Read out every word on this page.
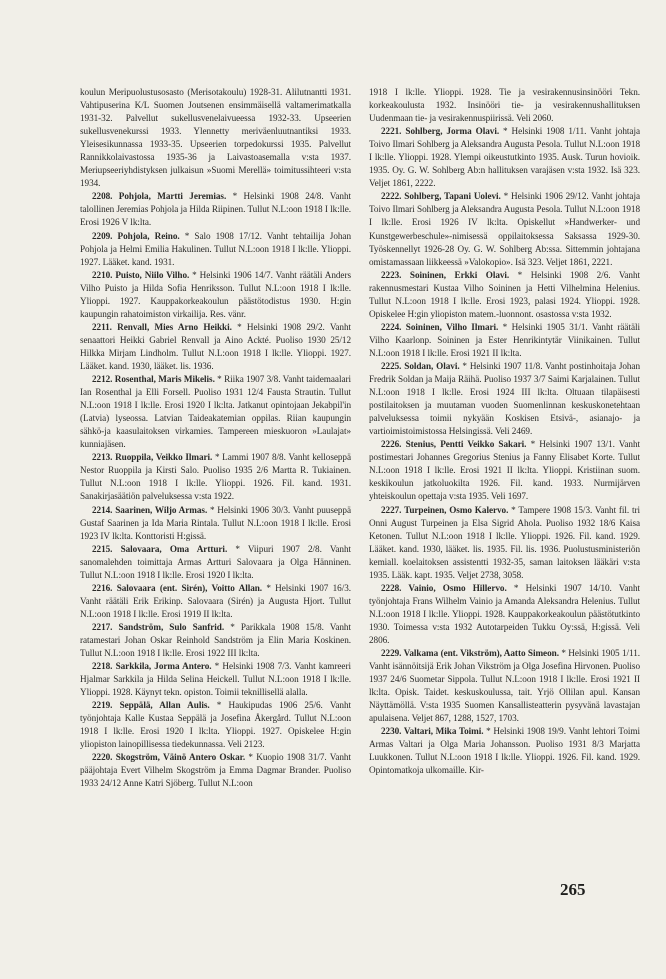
koulun Meripuolustusosasto (Merisotakoulu) 1928-31. Alilutnantti 1931. Vahtipuserina K/L Suomen Joutsenen ensimmäisellä valtamerimatkalla 1931-32. Palvellut sukellusvenelaivueessa 1932-33. Upseerien sukellusvenekurssi 1933. Ylennetty meriväenluutnantiksi 1933. Yleisesikunnassa 1933-35. Upseerien torpedokurssi 1935. Palvellut Rannikkolaivastossa 1935-36 ja Laivastoasemalla v:sta 1937. Meriupseeriyhdistyksen julkaisun »Suomi Merellä» toimitussihteeri v:sta 1934.

2208. Pohjola, Martti Jeremias. * Helsinki 1908 24/8. Vanht talollinen Jeremias Pohjola ja Hilda Riipinen. Tullut N.L:oon 1918 I lk:lle. Erosi 1926 V lk:lta.

2209. Pohjola, Reino. * Salo 1908 17/12. Vanht tehtailija Johan Pohjola ja Helmi Emilia Hakulinen. Tullut N.L:oon 1918 I lk:lle. Ylioppi. 1927. Lääket. kand. 1931.

2210. Puisto, Niilo Vilho. * Helsinki 1906 14/7. Vanht räätäli Anders Vilho Puisto ja Hilda Sofia Henriksson. Tullut N.L:oon 1918 I lk:lle. Ylioppi. 1927. Kauppakorkeakoulun päästötodistus 1930. H:gin kaupungin rahatoimiston virkailija. Res. vänr.

2211. Renvall, Mies Arno Heikki. * Helsinki 1908 29/2. Vanht senaattori Heikki Gabriel Renvall ja Aino Ackté. Puoliso 1930 25/12 Hilkka Mirjam Lindholm. Tullut N.L:oon 1918 I lk:lle. Ylioppi. 1927. Lääket. kand. 1930, lääket. lis. 1936.

2212. Rosenthal, Maris Mikelis. * Riika 1907 3/8. Vanht taidemaalari Ian Rosenthal ja Elli Forsell. Puoliso 1931 12/4 Fausta Strautin. Tullut N.L:oon 1918 I lk:lle. Erosi 1920 I lk:lta. Jatkanut opintojaan Jekabpil'in (Latvia) lyseossa. Latvian Taideakatemian oppilas. Riian kaupungin sähkö-ja kaasulaitoksen virkamies. Tampereen mieskuoron »Laulajat» kunniajäsen.

2213. Ruoppila, Veikko Ilmari. * Lammi 1907 8/8. Vanht kelloseppä Nestor Ruoppila ja Kirsti Salo. Puoliso 1935 2/6 Martta R. Tukiainen. Tullut N.L:oon 1918 I lk:lle. Ylioppi. 1926. Fil. kand. 1931. Sanakirjasäätiön palveluksessa v:sta 1922.

2214. Saarinen, Wiljo Armas. * Helsinki 1906 30/3. Vanht puuseppä Gustaf Saarinen ja Ida Maria Rintala. Tullut N.L:oon 1918 I lk:lle. Erosi 1923 IV lk:lta. Konttoristi H:gissä.

2215. Salovaara, Oma Artturi. * Viipuri 1907 2/8. Vanht sanomalehden toimittaja Armas Artturi Salovaara ja Olga Hänninen. Tullut N.L:oon 1918 I lk:lle. Erosi 1920 I lk:lta.

2216. Salovaara (ent. Sirén), Voitto Allan. * Helsinki 1907 16/3. Vanht räätäli Erik Erikinp. Salovaara (Sirén) ja Augusta Hjort. Tullut N.L:oon 1918 I lk:lle. Erosi 1919 II lk:lta.

2217. Sandström, Sulo Sanfrid. * Parikkala 1908 15/8. Vanht ratamestari Johan Oskar Reinhold Sandström ja Elin Maria Koskinen. Tullut N.L:oon 1918 I lk:lle. Erosi 1922 III lk:lta.

2218. Sarkkila, Jorma Antero. * Helsinki 1908 7/3. Vanht kamreeri Hjalmar Sarkkila ja Hilda Selina Heickell. Tullut N.L:oon 1918 I lk:lle. Ylioppi. 1928. Käynyt tekn. opiston. Toimii teknillisellä alalla.

2219. Seppälä, Allan Aulis. * Haukipudas 1906 25/6. Vanht työnjohtaja Kalle Kustaa Seppälä ja Josefina Åkergård. Tullut N.L:oon 1918 I lk:lle. Erosi 1920 I lk:lta. Ylioppi. 1927. Opiskelee H:gin yliopiston lainopillisessa tiedekunnassa. Veli 2123.

2220. Skogström, Väinö Antero Oskar. * Kuopio 1908 31/7. Vanht pääjohtaja Evert Vilhelm Skogström ja Emma Dagmar Brander. Puoliso 1933 24/12 Anne Katri Sjöberg. Tullut N.L:oon

1918 I lk:lle. Ylioppi. 1928. Tie ja vesirakennusinsinööri Tekn. korkeakoulusta 1932. Insinööri tie- ja vesirakennushallituksen Uudenmaan tie- ja vesirakennuspiirissä. Veli 2060.

2221. Sohlberg, Jorma Olavi. * Helsinki 1908 1/11. Vanht johtaja Toivo Ilmari Sohlberg ja Aleksandra Augusta Pesola. Tullut N.L:oon 1918 I lk:lle. Ylioppi. 1928. Ylempi oikeustutkinto 1935. Ausk. Turun hovioik. 1935. Oy. G. W. Sohlberg Ab:n hallituksen varajäsen v:sta 1932. Isä 323. Veljet 1861, 2222.

2222. Sohlberg, Tapani Uolevi. * Helsinki 1906 29/12. Vanht johtaja Toivo Ilmari Sohlberg ja Aleksandra Augusta Pesola. Tullut N.L:oon 1918 I lk:lle. Erosi 1926 IV lk:lta. Opiskellut »Handwerker- und Kunstgewerbeschule»-nimisessä oppilaitoksessa Saksassa 1929-30. Työskennellyt 1926-28 Oy. G. W. Sohlberg Ab:ssa. Sittemmin johtajana omistamassaan liikkeessä »Valokopio». Isä 323. Veljet 1861, 2221.

2223. Soininen, Erkki Olavi. * Helsinki 1908 2/6. Vanht rakennusmestari Kustaa Vilho Soininen ja Hetti Vilhelmina Helenius. Tullut N.L:oon 1918 I lk:lle. Erosi 1923, palasi 1924. Ylioppi. 1928. Opiskelee H:gin yliopiston matem.-luonnont. osastossa v:sta 1932.

2224. Soininen, Vilho Ilmari. * Helsinki 1905 31/1. Vanht räätäli Vilho Kaarlonp. Soininen ja Ester Henrikintytär Viinikainen. Tullut N.L:oon 1918 I lk:lle. Erosi 1921 II lk:lta.

2225. Soldan, Olavi. * Helsinki 1907 11/8. Vanht postinhoitaja Johan Fredrik Soldan ja Maija Räihä. Puoliso 1937 3/7 Saimi Karjalainen. Tullut N.L:oon 1918 I lk:lle. Erosi 1924 III lk:lta. Oltuaan tilapäisesti postilaitoksen ja muutaman vuoden Suomenlinnan keskuskonetehtaan palveluksessa toimii nykyään Koskisen Etsivä-, asianajo- ja vartioimistoimistossa Helsingissä. Veli 2469.

2226. Stenius, Pentti Veikko Sakari. * Helsinki 1907 13/1. Vanht postimestari Johannes Gregorius Stenius ja Fanny Elisabet Korte. Tullut N.L:oon 1918 I lk:lle. Erosi 1921 II lk:lta. Ylioppi. Kristiinan suom. keskikoulun jatkoluokilta 1926. Fil. kand. 1933. Nurmijärven yhteiskoulun opettaja v:sta 1935. Veli 1697.

2227. Turpeinen, Osmo Kalervo. * Tampere 1908 15/3. Vanht fil. tri Onni August Turpeinen ja Elsa Sigrid Ahola. Puoliso 1932 18/6 Kaisa Ketonen. Tullut N.L:oon 1918 I lk:lle. Ylioppi. 1926. Fil. kand. 1929. Lääket. kand. 1930, lääket. lis. 1935. Fil. lis. 1936. Puolustusministeriön kemiall. koelaitoksen assistentti 1932-35, saman laitoksen lääkäri v:sta 1935. Lääk. kapt. 1935. Veljet 2738, 3058.

2228. Vainio, Osmo Hillervo. * Helsinki 1907 14/10. Vanht työnjohtaja Frans Wilhelm Vainio ja Amanda Aleksandra Helenius. Tullut N.L:oon 1918 I lk:lle. Ylioppi. 1928. Kauppakorkeakoulun päästötutkinto 1930. Toimessa v:sta 1932 Autotarpeiden Tukku Oy:ssä, H:gissä. Veli 2806.

2229. Valkama (ent. Vikström), Aatto Simeon. * Helsinki 1905 1/11. Vanht isännöitsijä Erik Johan Vikström ja Olga Josefina Hirvonen. Puoliso 1937 24/6 Suometar Sippola. Tullut N.L:oon 1918 I lk:lle. Erosi 1921 II lk:lta. Opisk. Taidet. keskuskoulussa, tait. Yrjö Ollilan apul. Kansan Näyttämöllä. V:sta 1935 Suomen Kansallisteatterin pysyvänä lavastajan apulaisena. Veljet 867, 1288, 1527, 1703.

2230. Valtari, Mika Toimi. * Helsinki 1908 19/9. Vanht lehtori Toimi Armas Valtari ja Olga Maria Johansson. Puoliso 1931 8/3 Marjatta Luukkonen. Tullut N.L:oon 1918 I lk:lle. Ylioppi. 1926. Fil. kand. 1929. Opintomatkoja ulkomaille. Kir-

265
